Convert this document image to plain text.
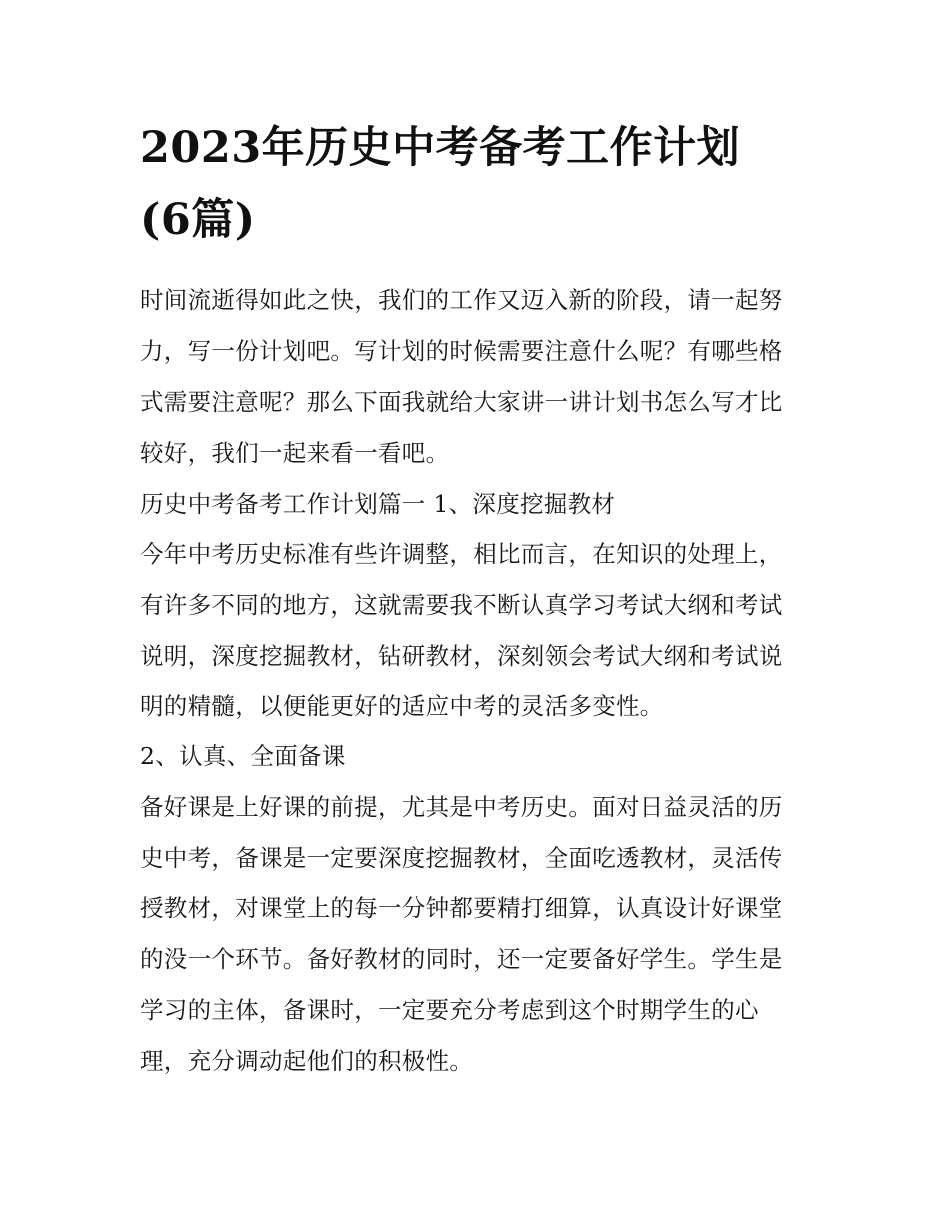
2023年历史中考备考工作计划
(6篇)

时间流逝得如此之快，我们的工作又迈入新的阶段，请一起努

力，写一份计划吧。写计划的时候需要注意什么呢？有哪些格

式需要注意呢？那么下面我就给大家讲一讲计划书怎么写才比

较好，我们一起来看一看吧。

历史中考备考工作计划篇一 1、深度挖掘教材

今年中考历史标准有些许调整，相比而言，在知识的处理上，

有许多不同的地方，这就需要我不断认真学习考试大纲和考试

说明，深度挖掘教材，钻研教材，深刻领会考试大纲和考试说

明的精髓，以便能更好的适应中考的灵活多变性。

2、认真、全面备课

备好课是上好课的前提，尤其是中考历史。面对日益灵活的历

史中考，备课是一定要深度挖掘教材，全面吃透教材，灵活传

授教材，对课堂上的每一分钟都要精打细算，认真设计好课堂

的没一个环节。备好教材的同时，还一定要备好学生。学生是

学习的主体，备课时，一定要充分考虑到这个时期学生的心

理，充分调动起他们的积极性。
